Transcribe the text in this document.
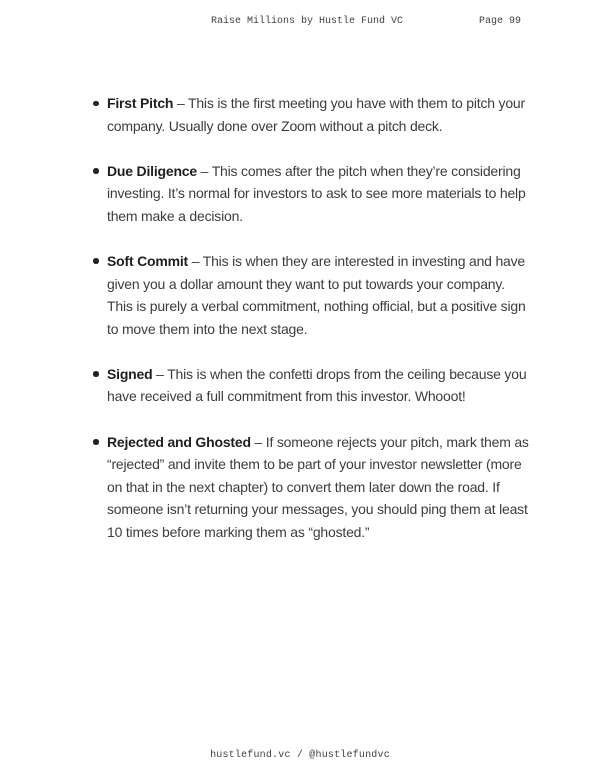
Raise Millions by Hustle Fund VC	Page 99
First Pitch – This is the first meeting you have with them to pitch your company. Usually done over Zoom without a pitch deck.
Due Diligence – This comes after the pitch when they’re considering investing. It’s normal for investors to ask to see more materials to help them make a decision.
Soft Commit – This is when they are interested in investing and have given you a dollar amount they want to put towards your company. This is purely a verbal commitment, nothing official, but a positive sign to move them into the next stage.
Signed – This is when the confetti drops from the ceiling because you have received a full commitment from this investor. Whooot!
Rejected and Ghosted – If someone rejects your pitch, mark them as “rejected” and invite them to be part of your investor newsletter (more on that in the next chapter) to convert them later down the road. If someone isn’t returning your messages, you should ping them at least 10 times before marking them as “ghosted.”
hustlefund.vc / @hustlefundvc
